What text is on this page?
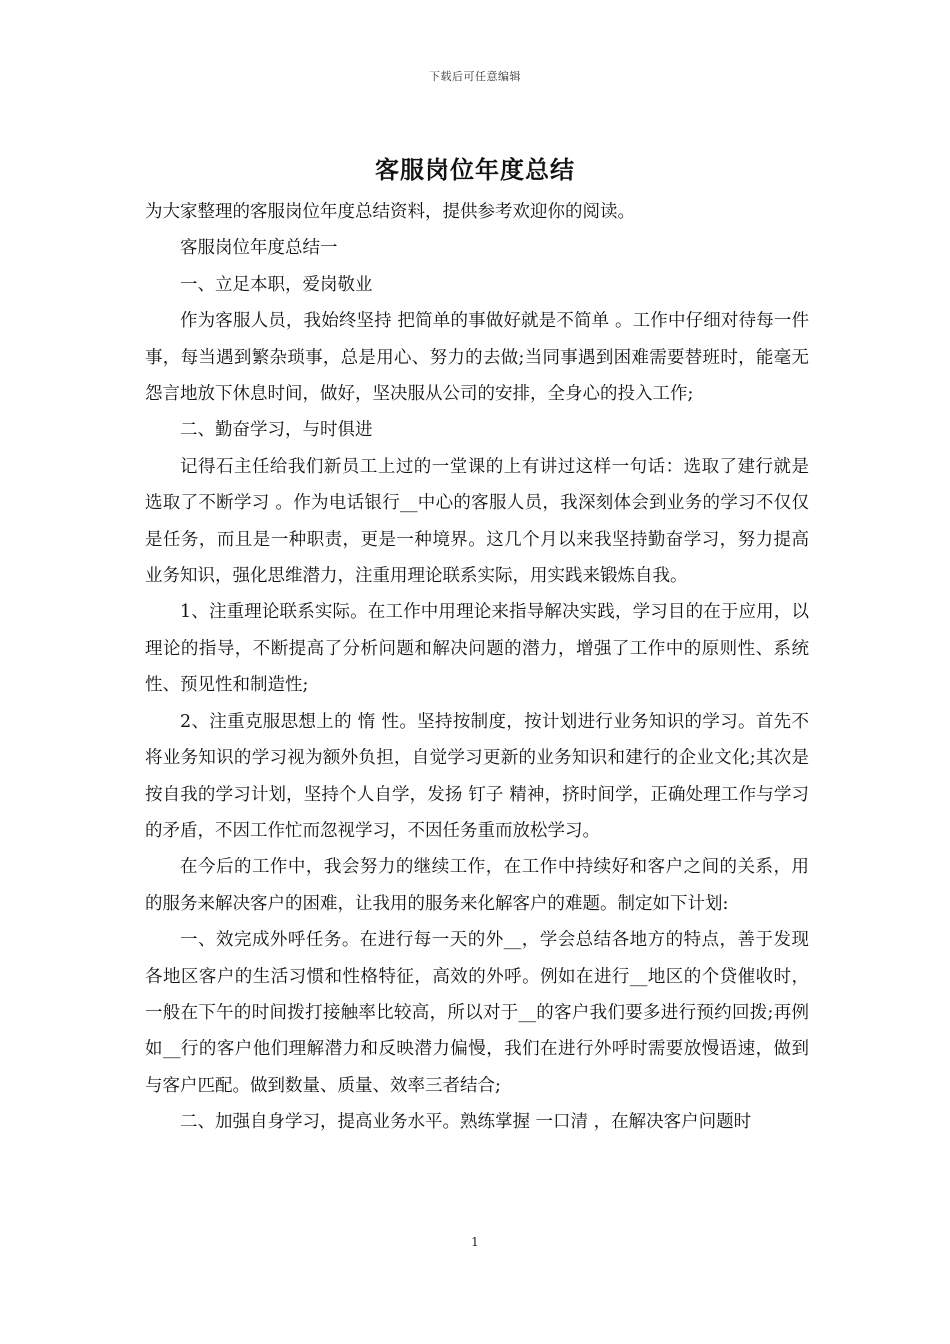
下载后可任意编辑
客服岗位年度总结

为大家整理的客服岗位年度总结资料，提供参考欢迎你的阅读。

客服岗位年度总结一

一、立足本职，爱岗敬业

作为客服人员，我始终坚持 把简单的事做好就是不简单 。工作中仔细对待每一件事，每当遇到繁杂琐事，总是用心、努力的去做;当同事遇到困难需要替班时，能毫无怨言地放下休息时间，做好，坚决服从公司的安排，全身心的投入工作;

二、勤奋学习，与时俱进

记得石主任给我们新员工上过的一堂课的上有讲过这样一句话：选取了建行就是选取了不断学习 。作为电话银行__中心的客服人员，我深刻体会到业务的学习不仅仅是任务，而且是一种职责，更是一种境界。这几个月以来我坚持勤奋学习，努力提高业务知识，强化思维潜力，注重用理论联系实际，用实践来锻炼自我。

1、注重理论联系实际。在工作中用理论来指导解决实践，学习目的在于应用，以理论的指导，不断提高了分析问题和解决问题的潜力，增强了工作中的原则性、系统性、预见性和制造性;

2、注重克服思想上的 惰 性。坚持按制度，按计划进行业务知识的学习。首先不将业务知识的学习视为额外负担，自觉学习更新的业务知识和建行的企业文化;其次是按自我的学习计划，坚持个人自学，发扬 钉子 精神，挤时间学，正确处理工作与学习的矛盾，不因工作忙而忽视学习，不因任务重而放松学习。

在今后的工作中，我会努力的继续工作，在工作中持续好和客户之间的关系，用的服务来解决客户的困难，让我用的服务来化解客户的难题。制定如下计划:

一、效完成外呼任务。在进行每一天的外__，学会总结各地方的特点，善于发现各地区客户的生活习惯和性格特征，高效的外呼。例如在进行__地区的个贷催收时，一般在下午的时间拨打接触率比较高，所以对于__的客户我们要多进行预约回拨;再例如__行的客户他们理解潜力和反映潜力偏慢，我们在进行外呼时需要放慢语速，做到与客户匹配。做到数量、质量、效率三者结合;

二、加强自身学习，提高业务水平。熟练掌握 一口清 ，在解决客户问题时

1
